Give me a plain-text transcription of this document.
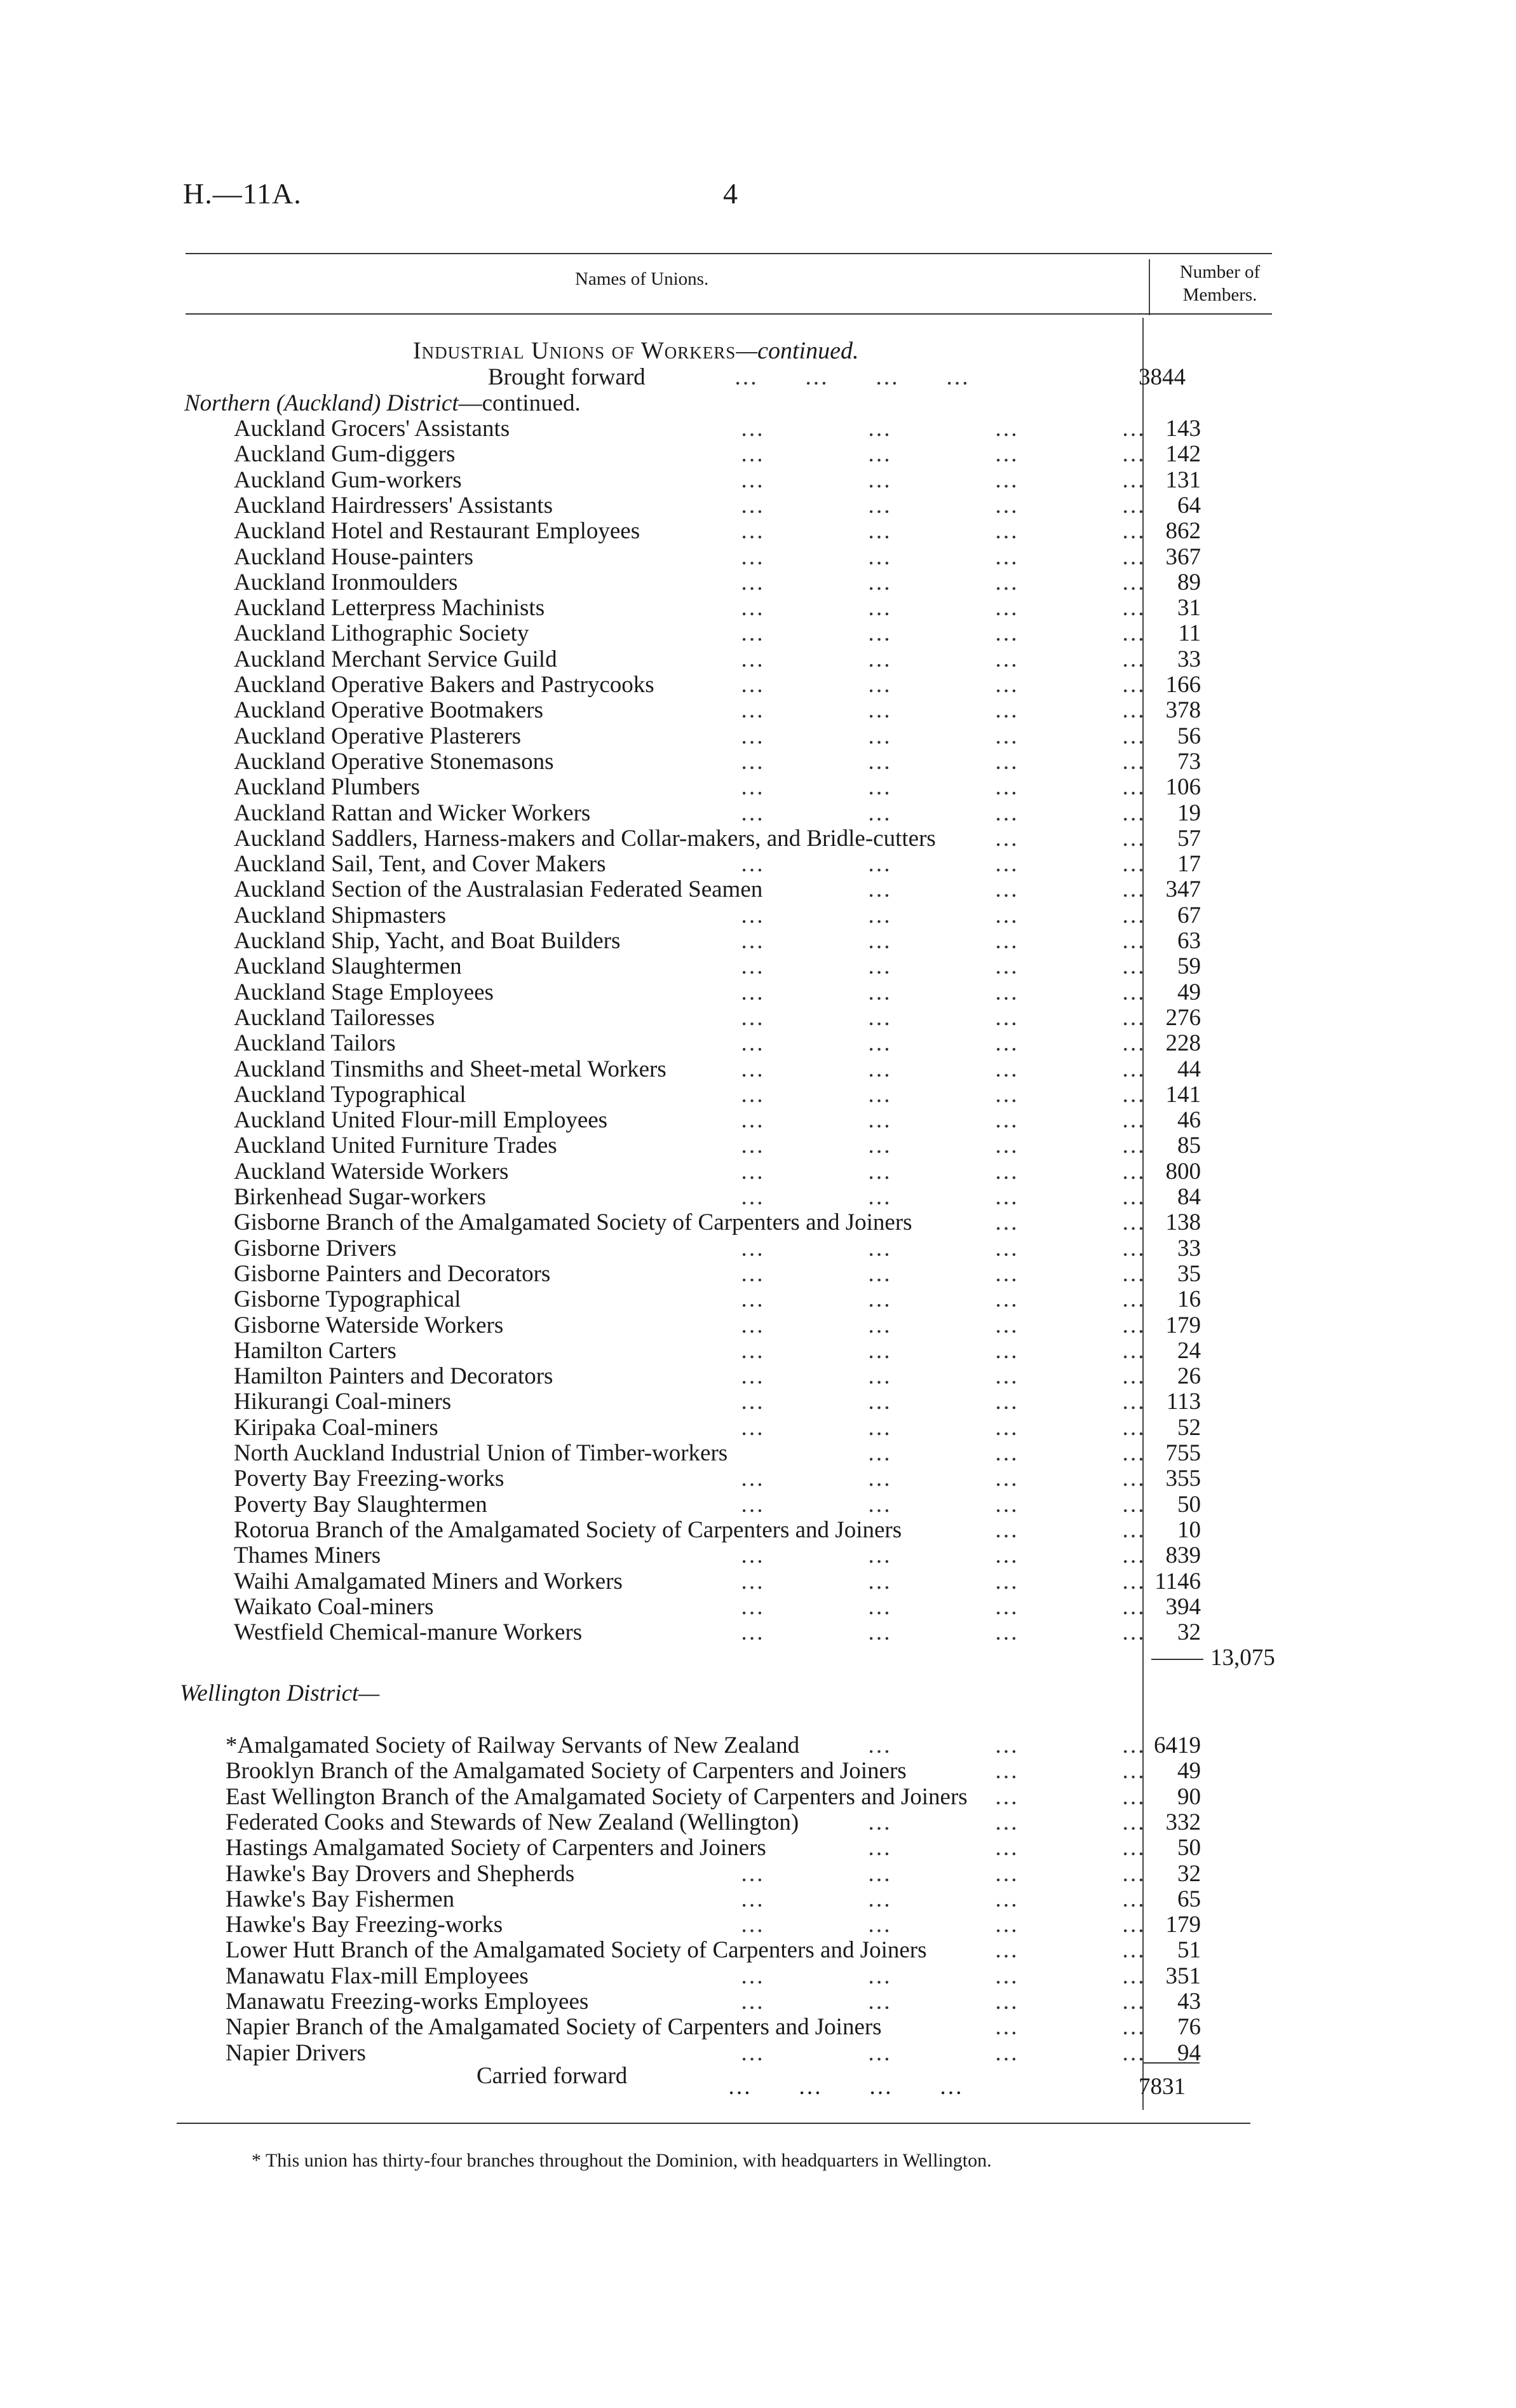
H.—11A.	4
Names of Unions.	Number of
Members.
Industrial Unions of Workers—continued.
Brought forward	…        …        …        …	3844
Northern (Auckland) District—continued.
Auckland Grocers' Assistants	…	…	…	… 143
Auckland Gum-diggers	…	…	…	… 142
Auckland Gum-workers	…	…	…	… 131
Auckland Hairdressers' Assistants	…	…	…	…	64
Auckland Hotel and Restaurant Employees	…	…	…	… 862
Auckland House-painters	…	…	…	… 367
Auckland Ironmoulders	…	…	…	…	89
Auckland Letterpress Machinists	…	…	…	…	31
Auckland Lithographic Society	…	…	…	…	11
Auckland Merchant Service Guild	…	…	…	…	33
Auckland Operative Bakers and Pastrycooks	…	…	…	… 166
Auckland Operative Bootmakers	…	…	…	… 378
Auckland Operative Plasterers	…	…	…	…	56
Auckland Operative Stonemasons	…	…	…	…	73
Auckland Plumbers	…	…	…	… 106
Auckland Rattan and Wicker Workers	…	…	…	…	19
Auckland Saddlers, Harness-makers and Collar-makers, and Bridle-cutters …	…	57
Auckland Sail, Tent, and Cover Makers	…	…	…	…	17
Auckland Section of the Australasian Federated Seamen	…	…	… 347
Auckland Shipmasters	…	…	…	…	67
Auckland Ship, Yacht, and Boat Builders	…	…	…	…	63
Auckland Slaughtermen	…	…	…	…	59
Auckland Stage Employees	…	…	…	…	49
Auckland Tailoresses	…	…	…	… 276
Auckland Tailors	…	…	…	… 228
Auckland Tinsmiths and Sheet-metal Workers	…	…	…	…	44
Auckland Typographical	…	…	…	… 141
Auckland United Flour-mill Employees	…	…	…	…	46
Auckland United Furniture Trades	…	…	…	…	85
Auckland Waterside Workers	…	…	…	… 800
Birkenhead Sugar-workers	…	…	…	…	84
Gisborne Branch of the Amalgamated Society of Carpenters and Joiners	…	… 138
Gisborne Drivers	…	…	…	…	33
Gisborne Painters and Decorators	…	…	…	…	35
Gisborne Typographical	…	…	…	…	16
Gisborne Waterside Workers	…	…	…	… 179
Hamilton Carters	…	…	…	…	24
Hamilton Painters and Decorators	…	…	…	…	26
Hikurangi Coal-miners	…	…	…	… 113
Kiripaka Coal-miners	…	…	…	…	52
North Auckland Industrial Union of Timber-workers	…	…	… 755
Poverty Bay Freezing-works	…	…	…	… 355
Poverty Bay Slaughtermen	…	…	…	…	50
Rotorua Branch of the Amalgamated Society of Carpenters and Joiners	…	…	10
Thames Miners	…	…	…	… 839
Waihi Amalgamated Miners and Workers	…	…	…	… 1146
Waikato Coal-miners	…	…	…	… 394
Westfield Chemical-manure Workers	…	…	…	…	32
13,075
Wellington District—
*Amalgamated Society of Railway Servants of New Zealand	…	…	… 6419
Brooklyn Branch of the Amalgamated Society of Carpenters and Joiners	…	…	49
East Wellington Branch of the Amalgamated Society of Carpenters and Joiners …	…	90
Federated Cooks and Stewards of New Zealand (Wellington)	…	…	… 332
Hastings Amalgamated Society of Carpenters and Joiners	…	…	…	50
Hawke's Bay Drovers and Shepherds	…	…	…	…	32
Hawke's Bay Fishermen	…	…	…	…	65
Hawke's Bay Freezing-works	…	…	…	… 179
Lower Hutt Branch of the Amalgamated Society of Carpenters and Joiners	…	…	51
Manawatu Flax-mill Employees	…	…	…	… 351
Manawatu Freezing-works Employees	…	…	…	…	43
Napier Branch of the Amalgamated Society of Carpenters and Joiners	…	…	76
Napier Drivers	…	…	…	…	94
Carried forward	…        …        …        …	7831
* This union has thirty-four branches throughout the Dominion, with headquarters in Wellington.
